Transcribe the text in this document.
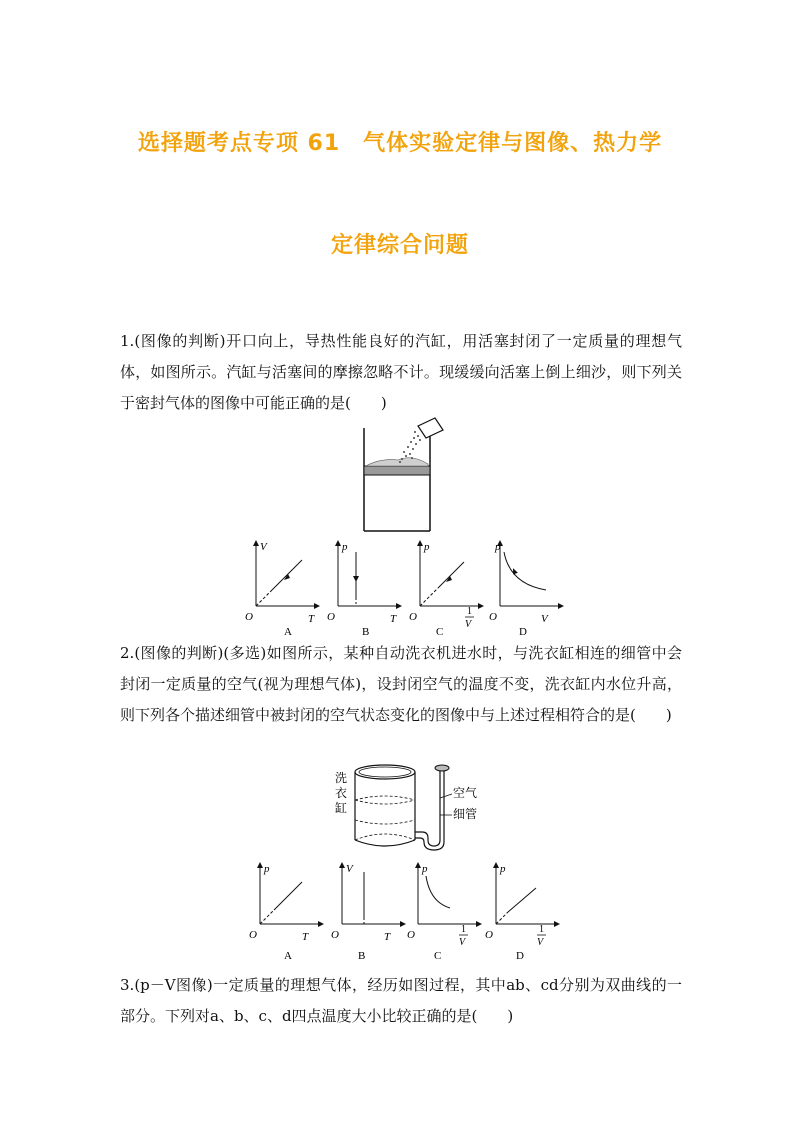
选择题考点专项 61　气体实验定律与图像、热力学
定律综合问题
1.(图像的判断)开口向上，导热性能良好的汽缸，用活塞封闭了一定质量的理想气体，如图所示。汽缸与活塞间的摩擦忽略不计。现缓缓向活塞上倒上细沙，则下列关于密封气体的图像中可能正确的是(　　)
V
T
O
A
p
T
O
B
p
1
V
O
C
p
V
O
D
2.(图像的判断)(多选)如图所示，某种自动洗衣机进水时，与洗衣缸相连的细管中会封闭一定质量的空气(视为理想气体)，设封闭空气的温度不变，洗衣缸内水位升高，则下列各个描述细管中被封闭的空气状态变化的图像中与上述过程相符合的是(　　)
洗
衣
缸
空气
细管
p
T
O
A
V
T
O
B
p
1
V
O
C
p
1
V
O
D
3.(p－V图像)一定质量的理想气体，经历如图过程，其中ab、cd分别为双曲线的一部分。下列对a、b、c、d四点温度大小比较正确的是(　　)
